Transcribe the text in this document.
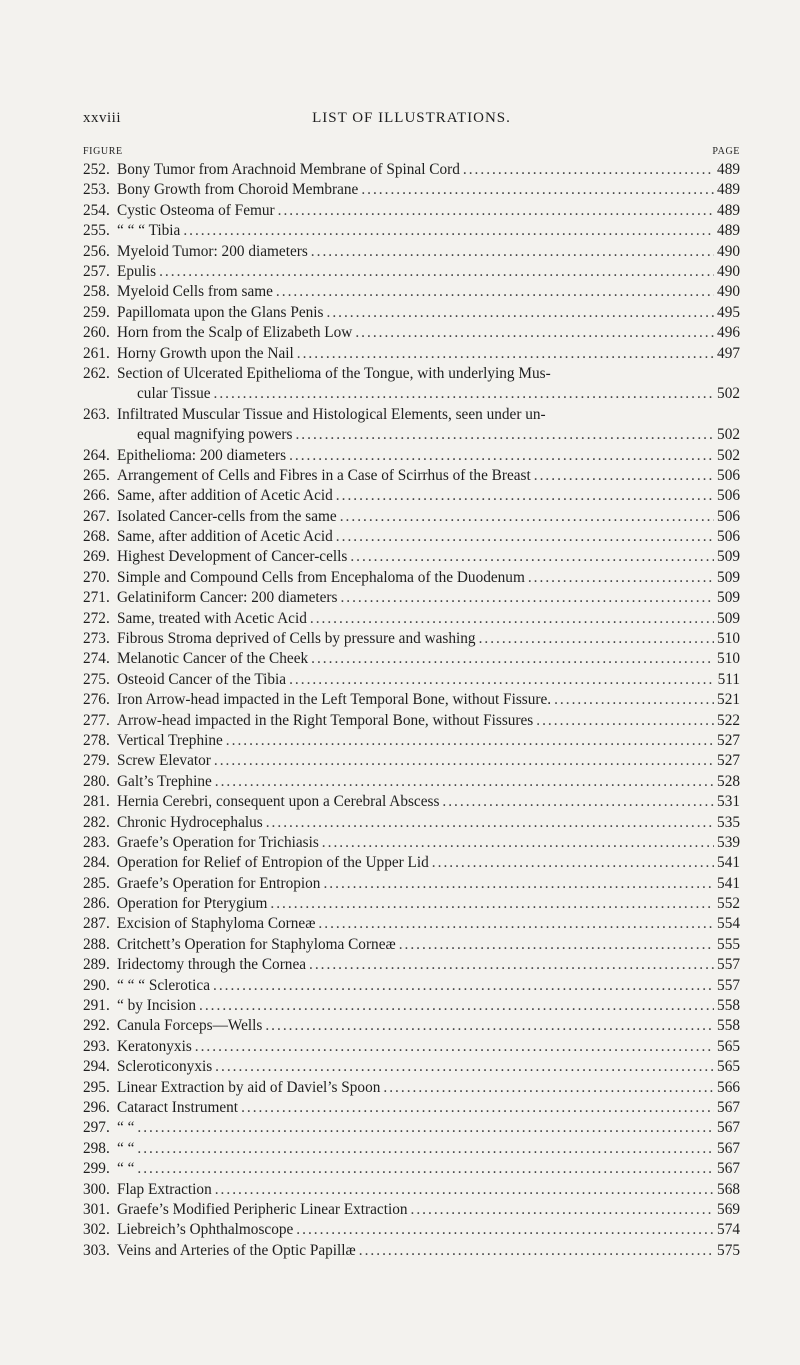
xxviii	LIST OF ILLUSTRATIONS.
FIGURE	PAGE
252. Bony Tumor from Arachnoid Membrane of Spinal Cord .....	489
253. Bony Growth from Choroid Membrane .....	489
254. Cystic Osteoma of Femur .....	489
255. “ “ “ Tibia .....	489
256. Myeloid Tumor: 200 diameters .....	490
257. Epulis .....	490
258. Myeloid Cells from same .....	490
259. Papillomata upon the Glans Penis .....	495
260. Horn from the Scalp of Elizabeth Low .....	496
261. Horny Growth upon the Nail .....	497
262. Section of Ulcerated Epithelioma of the Tongue, with underlying Mus-
cular Tissue .....	502
263. Infiltrated Muscular Tissue and Histological Elements, seen under un-
equal magnifying powers .....	502
264. Epithelioma: 200 diameters .....	502
265. Arrangement of Cells and Fibres in a Case of Scirrhus of the Breast .....	506
266. Same, after addition of Acetic Acid .....	506
267. Isolated Cancer-cells from the same .....	506
268. Same, after addition of Acetic Acid .....	506
269. Highest Development of Cancer-cells .....	509
270. Simple and Compound Cells from Encephaloma of the Duodenum .....	509
271. Gelatiniform Cancer: 200 diameters .....	509
272. Same, treated with Acetic Acid .....	509
273. Fibrous Stroma deprived of Cells by pressure and washing .....	510
274. Melanotic Cancer of the Cheek .....	510
275. Osteoid Cancer of the Tibia .....	511
276. Iron Arrow-head impacted in the Left Temporal Bone, without Fissure. .....	521
277. Arrow-head impacted in the Right Temporal Bone, without Fissures .....	522
278. Vertical Trephine .....	527
279. Screw Elevator .....	527
280. Galt’s Trephine .....	528
281. Hernia Cerebri, consequent upon a Cerebral Abscess .....	531
282. Chronic Hydrocephalus .....	535
283. Graefe’s Operation for Trichiasis .....	539
284. Operation for Relief of Entropion of the Upper Lid .....	541
285. Graefe’s Operation for Entropion .....	541
286. Operation for Pterygium .....	552
287. Excision of Staphyloma Corneæ .....	554
288. Critchett’s Operation for Staphyloma Corneæ .....	555
289. Iridectomy through the Cornea .....	557
290. “ “ “ Sclerotica .....	557
291. “ by Incision .....	558
292. Canula Forceps—Wells .....	558
293. Keratonyxis .....	565
294. Scleroticonyxis .....	565
295. Linear Extraction by aid of Daviel’s Spoon .....	566
296. Cataract Instrument .....	567
297. “ “ .....	567
298. “ “ .....	567
299. “ “ .....	567
300. Flap Extraction .....	568
301. Graefe’s Modified Peripheric Linear Extraction .....	569
302. Liebreich’s Ophthalmoscope .....	574
303. Veins and Arteries of the Optic Papillæ .....	575
